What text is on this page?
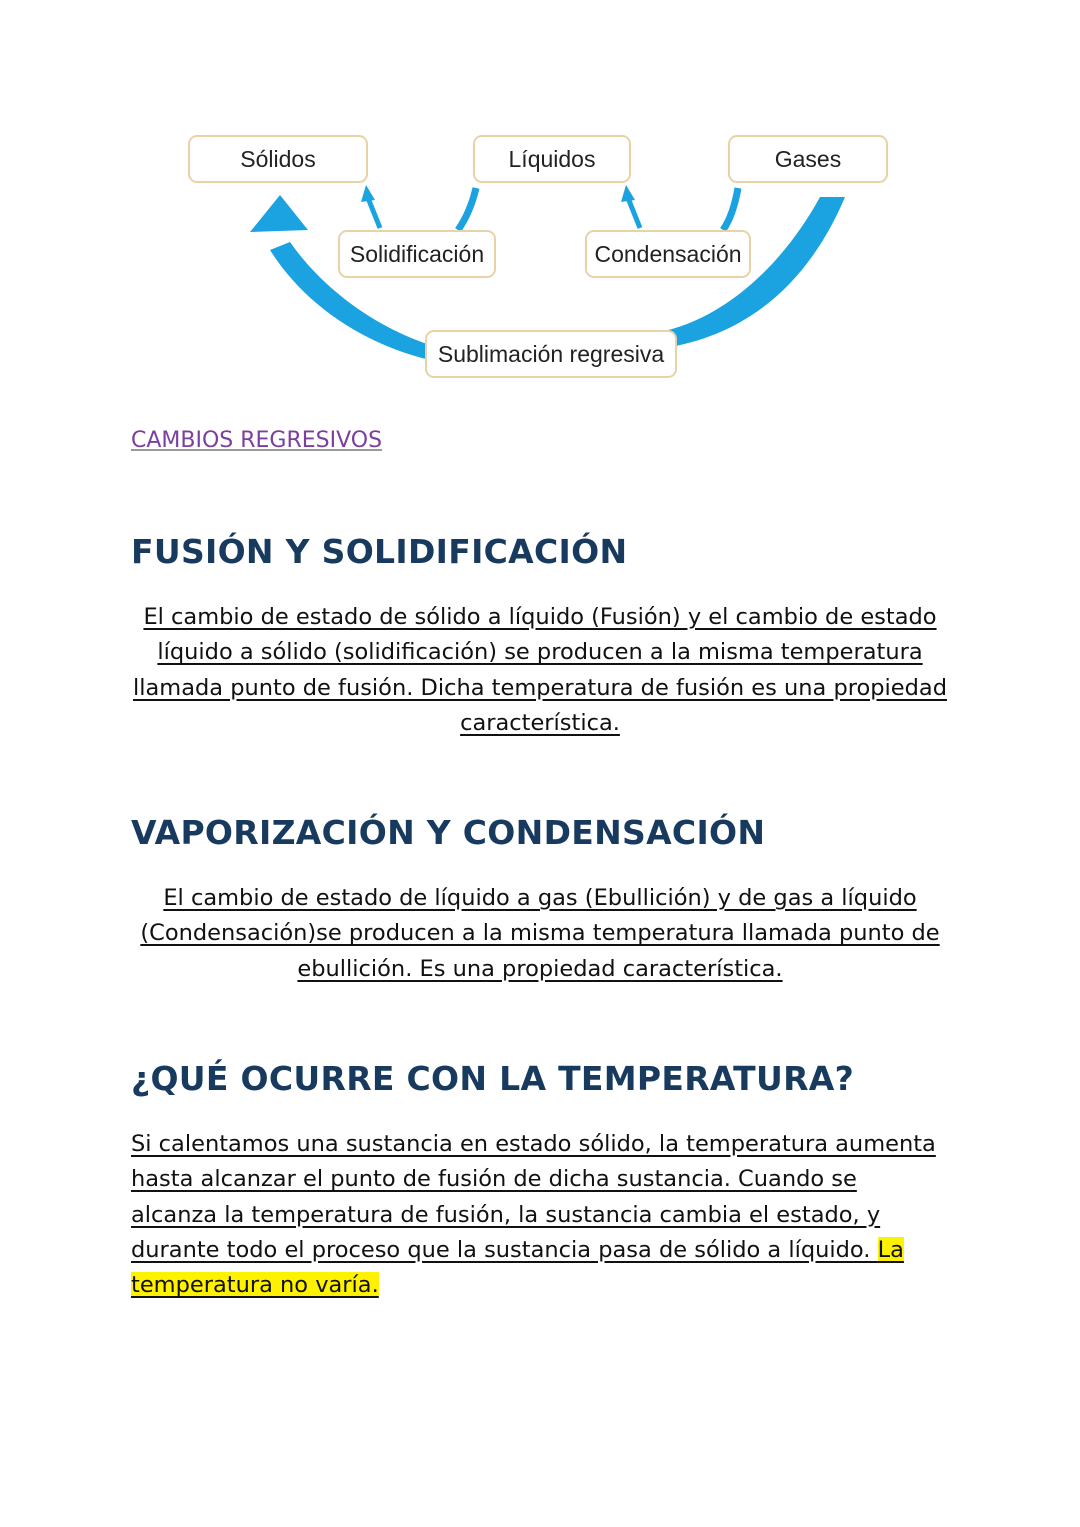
Sólidos	Líquidos	Gases
Solidificación	Condensación
Sublimación regresiva
CAMBIOS REGRESIVOS
FUSIÓN Y SOLIDIFICACIÓN
El cambio de estado de sólido a líquido (Fusión) y el cambio de estado
líquido a sólido (solidificación) se producen a la misma temperatura
llamada punto de fusión. Dicha temperatura de fusión es una propiedad
característica.
VAPORIZACIÓN Y CONDENSACIÓN
El cambio de estado de líquido a gas (Ebullición) y de gas a líquido
(Condensación)se producen a la misma temperatura llamada punto de
ebullición. Es una propiedad característica.
¿QUÉ OCURRE CON LA TEMPERATURA?
Si calentamos una sustancia en estado sólido, la temperatura aumenta
hasta alcanzar el punto de fusión de dicha sustancia. Cuando se
alcanza la temperatura de fusión, la sustancia cambia el estado, y
durante todo el proceso que la sustancia pasa de sólido a líquido. La
temperatura no varía.
